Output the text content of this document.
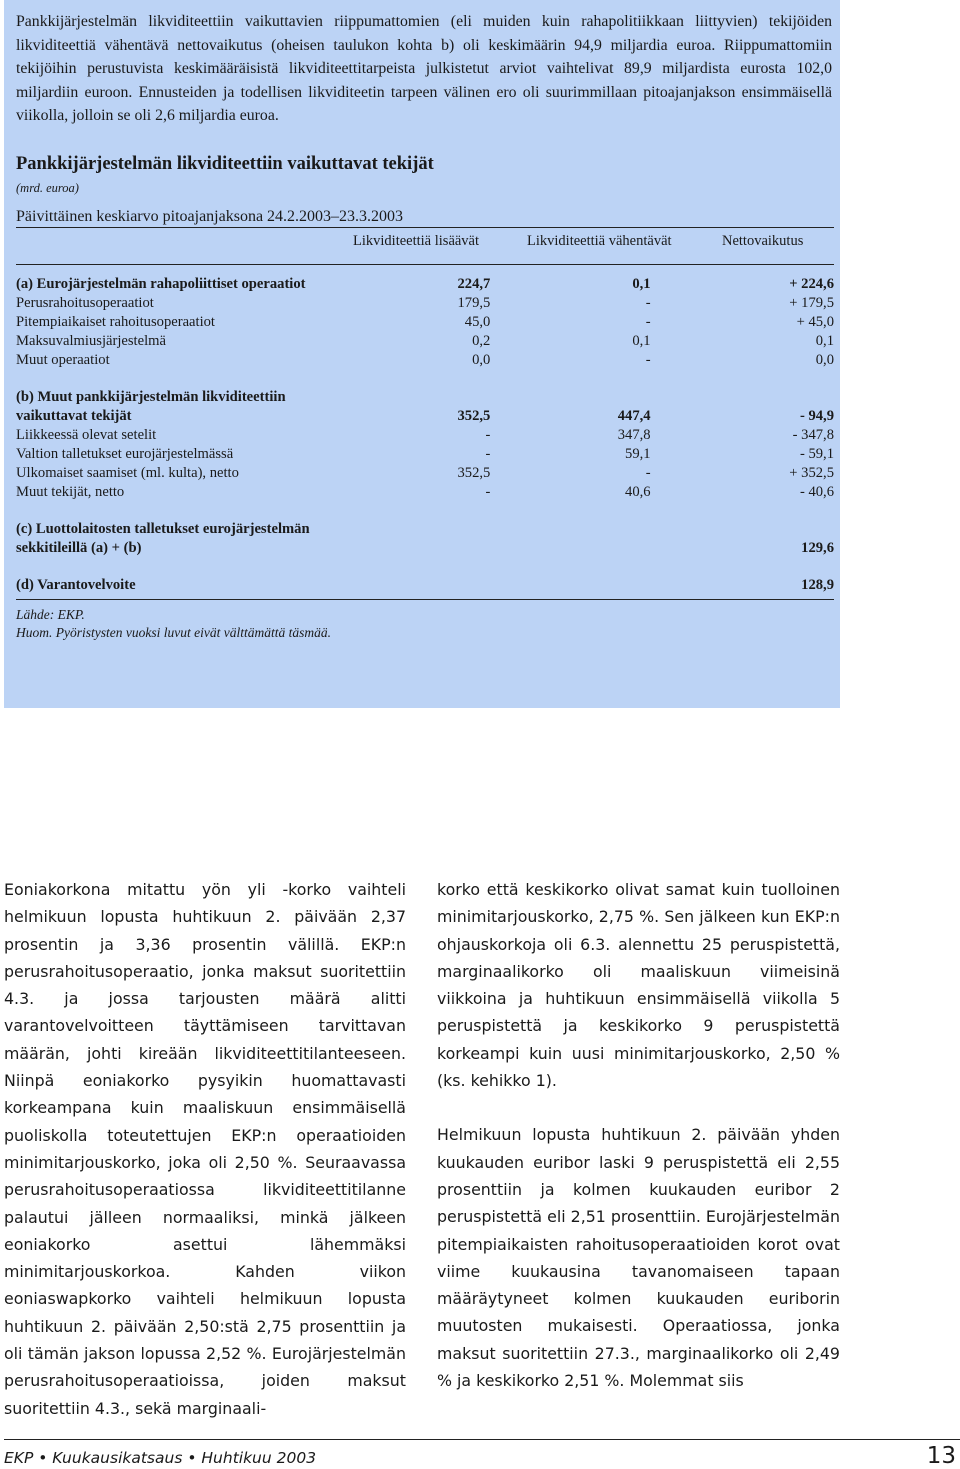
Pankkijärjestelmän likviditeettiin vaikuttavien riippumattomien (eli muiden kuin rahapolitiikkaan liittyvien) tekijöiden likviditeettiä vähentävä nettovaikutus (oheisen taulukon kohta b) oli keskimäärin 94,9 miljardia euroa. Riippumattomiin tekijöihin perustuvista keskimääräisistä likviditeettitarpeista julkistetut arviot vaihtelivat 89,9 miljardista eurosta 102,0 miljardiin euroon. Ennusteiden ja todellisen likviditeetin tarpeen välinen ero oli suurimmillaan pitoajanjakson ensimmäisellä viikolla, jolloin se oli 2,6 miljardia euroa.

Pankkijärjestelmän likviditeettiin vaikuttavat tekijät
(mrd. euroa)
Päivittäinen keskiarvo pitoajanjaksona 24.2.2003–23.3.2003
Likviditeettiä lisäävät	Likviditeettiä vähentävät	Nettovaikutus
(a) Eurojärjestelmän rahapoliittiset operaatiot	224,7	0,1	+ 224,6
Perusrahoitusoperaatiot	179,5	-	+ 179,5
Pitempiaikaiset rahoitusoperaatiot	45,0	-	+ 45,0
Maksuvalmiusjärjestelmä	0,2	0,1	0,1
Muut operaatiot	0,0	-	0,0

(b) Muut pankkijärjestelmän likviditeettiin			
vaikuttavat tekijät	352,5	447,4	- 94,9
Liikkeessä olevat setelit	-	347,8	- 347,8
Valtion talletukset eurojärjestelmässä	-	59,1	- 59,1
Ulkomaiset saamiset (ml. kulta), netto	352,5	-	+ 352,5
Muut tekijät, netto	-	40,6	- 40,6

(c) Luottolaitosten talletukset eurojärjestelmän			
sekkitileillä (a) + (b)			129,6

(d) Varantovelvoite			128,9

Lähde: EKP.

Huom. Pyöristysten vuoksi luvut eivät välttämättä täsmää.

Eoniakorkona mitattu yön yli -korko vaihteli helmikuun lopusta huhtikuun 2. päivään 2,37 prosentin ja 3,36 prosentin välillä. EKP:n perusrahoitusoperaatio, jonka maksut suoritettiin 4.3. ja jossa tarjousten määrä alitti varantovelvoitteen täyttämiseen tarvittavan määrän, johti kireään likviditeettitilanteeseen. Niinpä eoniakorko pysyikin huomattavasti korkeampana kuin maaliskuun ensimmäisellä puoliskolla toteutettujen EKP:n operaatioiden minimitarjouskorko, joka oli 2,50 %. Seuraavassa perusrahoitusoperaatiossa likviditeettitilanne palautui jälleen normaaliksi, minkä jälkeen eoniakorko asettui lähemmäksi minimitarjouskorkoa. Kahden viikon eoniaswapkorko vaihteli helmikuun lopusta huhtikuun 2. päivään 2,50:stä 2,75 prosenttiin ja oli tämän jakson lopussa 2,52 %. Eurojärjestelmän perusrahoitusoperaatioissa, joiden maksut suoritettiin 4.3., sekä marginaali-

korko että keskikorko olivat samat kuin tuolloinen minimitarjouskorko, 2,75 %. Sen jälkeen kun EKP:n ohjauskorkoja oli 6.3. alennettu 25 peruspistettä, marginaalikorko oli maaliskuun viimeisinä viikkoina ja huhtikuun ensimmäisellä viikolla 5 peruspistettä ja keskikorko 9 peruspistettä korkeampi kuin uusi minimitarjouskorko, 2,50 % (ks. kehikko 1).

Helmikuun lopusta huhtikuun 2. päivään yhden kuukauden euribor laski 9 peruspistettä eli 2,55 prosenttiin ja kolmen kuukauden euribor 2 peruspistettä eli 2,51 prosenttiin. Eurojärjestelmän pitempiaikaisten rahoitusoperaatioiden korot ovat viime kuukausina tavanomaiseen tapaan määräytyneet kolmen kuukauden euriborin muutosten mukaisesti. Operaatiossa, jonka maksut suoritettiin 27.3., marginaalikorko oli 2,49 % ja keskikorko 2,51 %. Molemmat siis

EKP • Kuukausikatsaus • Huhtikuu 2003	13
